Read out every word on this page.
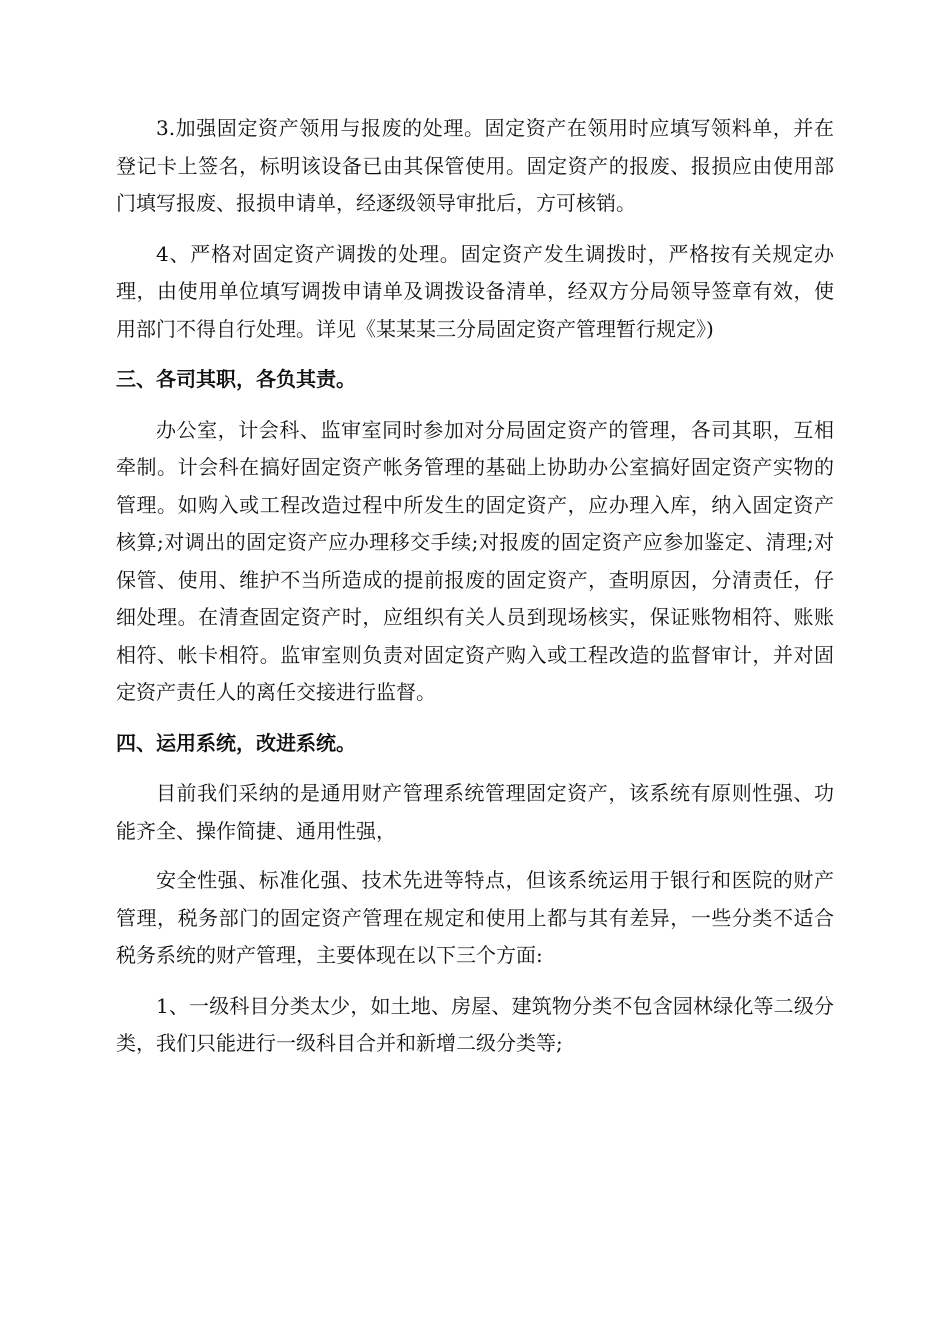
3.加强固定资产领用与报废的处理。固定资产在领用时应填写领料单，并在登记卡上签名，标明该设备已由其保管使用。固定资产的报废、报损应由使用部门填写报废、报损申请单，经逐级领导审批后，方可核销。

4、严格对固定资产调拨的处理。固定资产发生调拨时，严格按有关规定办理，由使用单位填写调拨申请单及调拨设备清单，经双方分局领导签章有效，使用部门不得自行处理。详见《某某某三分局固定资产管理暂行规定》)

三、各司其职，各负其责。

办公室，计会科、监审室同时参加对分局固定资产的管理，各司其职，互相牵制。计会科在搞好固定资产帐务管理的基础上协助办公室搞好固定资产实物的管理。如购入或工程改造过程中所发生的固定资产，应办理入库，纳入固定资产核算;对调出的固定资产应办理移交手续;对报废的固定资产应参加鉴定、清理;对保管、使用、维护不当所造成的提前报废的固定资产，查明原因，分清责任，仔细处理。在清查固定资产时，应组织有关人员到现场核实，保证账物相符、账账相符、帐卡相符。监审室则负责对固定资产购入或工程改造的监督审计，并对固定资产责任人的离任交接进行监督。

四、运用系统，改进系统。

目前我们采纳的是通用财产管理系统管理固定资产，该系统有原则性强、功能齐全、操作简捷、通用性强，

安全性强、标准化强、技术先进等特点，但该系统运用于银行和医院的财产管理，税务部门的固定资产管理在规定和使用上都与其有差异，一些分类不适合税务系统的财产管理，主要体现在以下三个方面:

1、一级科目分类太少，如土地、房屋、建筑物分类不包含园林绿化等二级分类，我们只能进行一级科目合并和新增二级分类等;
